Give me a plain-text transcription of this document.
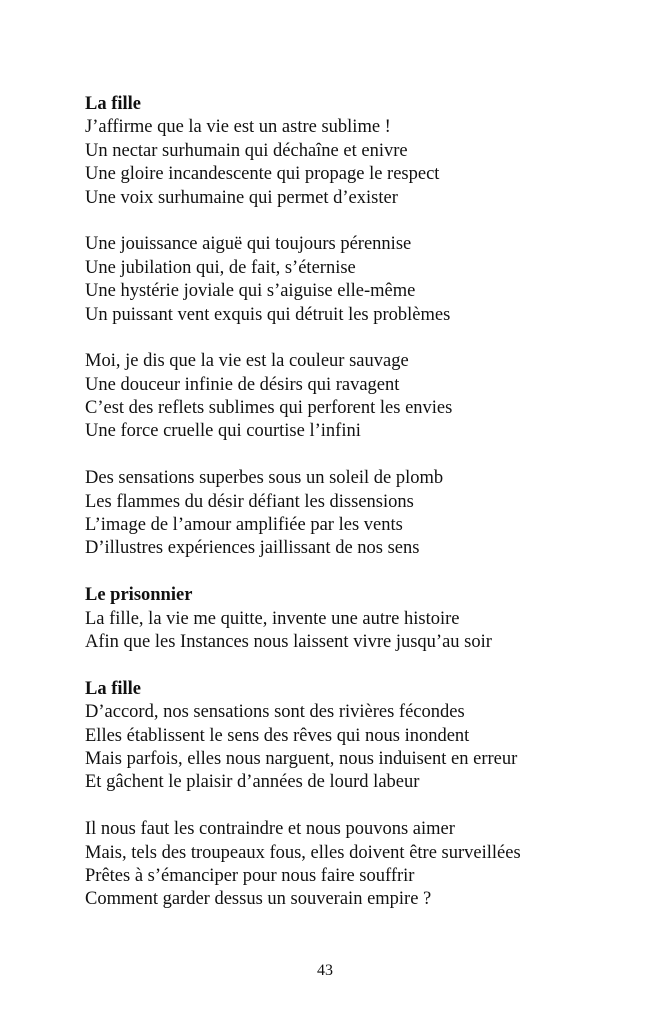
La fille
J’affirme que la vie est un astre sublime !
Un nectar surhumain qui déchaîne et enivre
Une gloire incandescente qui propage le respect
Une voix surhumaine qui permet d’exister
Une jouissance aiguë qui toujours pérennise
Une jubilation qui, de fait, s’éternise
Une hystérie joviale qui s’aiguise elle-même
Un puissant vent exquis qui détruit les problèmes
Moi, je dis que la vie est la couleur sauvage
Une douceur infinie de désirs qui ravagent
C’est des reflets sublimes qui perforent les envies
Une force cruelle qui courtise l’infini
Des sensations superbes sous un soleil de plomb
Les flammes du désir défiant les dissensions
L’image de l’amour amplifiée par les vents
D’illustres expériences jaillissant de nos sens
Le prisonnier
La fille, la vie me quitte, invente une autre histoire
Afin que les Instances nous laissent vivre jusqu’au soir
La fille
D’accord, nos sensations sont des rivières fécondes
Elles établissent le sens des rêves qui nous inondent
Mais parfois, elles nous narguent, nous induisent en erreur
Et gâchent le plaisir d’années de lourd labeur
Il nous faut les contraindre et nous pouvons aimer
Mais, tels des troupeaux fous, elles doivent être surveillées
Prêtes à s’émanciper pour nous faire souffrir
Comment garder dessus un souverain empire ?
43
